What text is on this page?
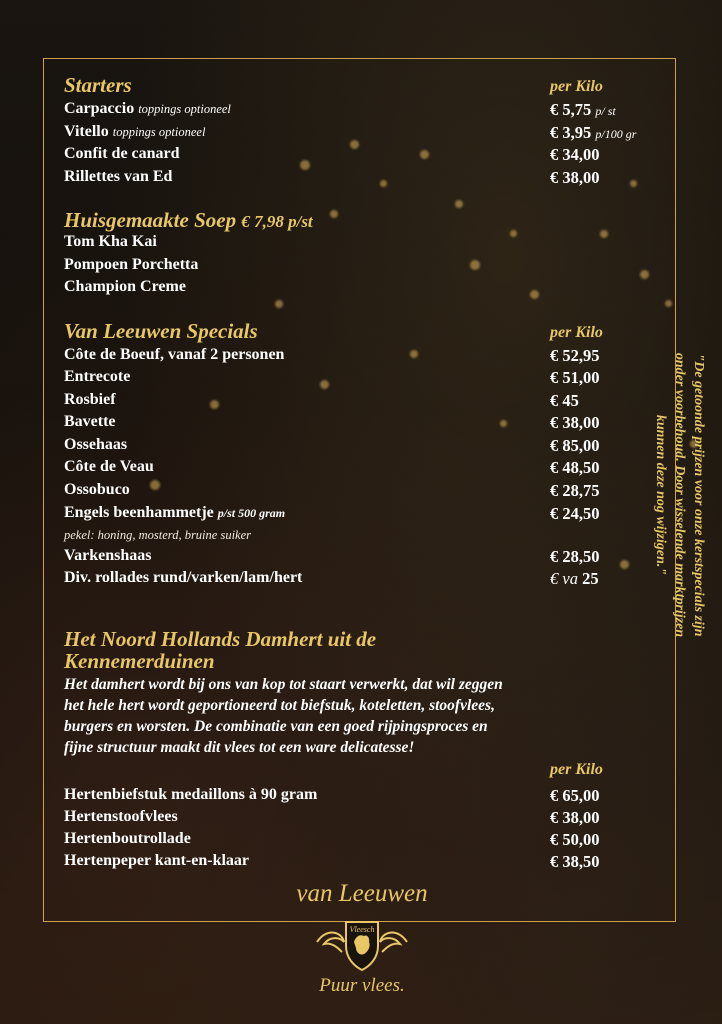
Starters	per Kilo
Carpaccio toppings optioneel	€ 5,75 p/ st
Vitello toppings optioneel	€ 3,95 p/100 gr
Confit de canard	€ 34,00
Rillettes van Ed	€ 38,00
Huisgemaakte Soep € 7,98 p/st
Tom Kha Kai
Pompoen Porchetta
Champion Creme
Van Leeuwen Specials	per Kilo
Côte de Boeuf, vanaf 2 personen	€ 52,95
Entrecote	€ 51,00
Rosbief	€ 45
Bavette	€ 38,00
Ossehaas	€ 85,00
Côte de Veau	€ 48,50
Ossobuco	€ 28,75
Engels beenhammetje p/st 500 gram	€ 24,50
pekel: honing, mosterd, bruine suiker
Varkenshaas	€ 28,50
Div. rollades rund/varken/lam/hert	€ va 25
Het Noord Hollands Damhert uit de
Kennemerduinen
Het damhert wordt bij ons van kop tot staart verwerkt, dat wil zeggen
het hele hert wordt geportioneerd tot biefstuk, koteletten, stoofvlees,
burgers en worsten. De combinatie van een goed rijpingsproces en
fijne structuur maakt dit vlees tot een ware delicatesse!
per Kilo
Hertenbiefstuk medaillons à 90 gram	€ 65,00
Hertenstoofvlees	€ 38,00
Hertenboutrollade	€ 50,00
Hertenpeper kant-en-klaar	€ 38,50
"De getoonde prijzen voor onze kerstspecials zijn
onder voorbehoud. Door wisselende marktprijzen
kunnen deze nog wijzigen."
van Leeuwen
Vleesch
Puur vlees.
